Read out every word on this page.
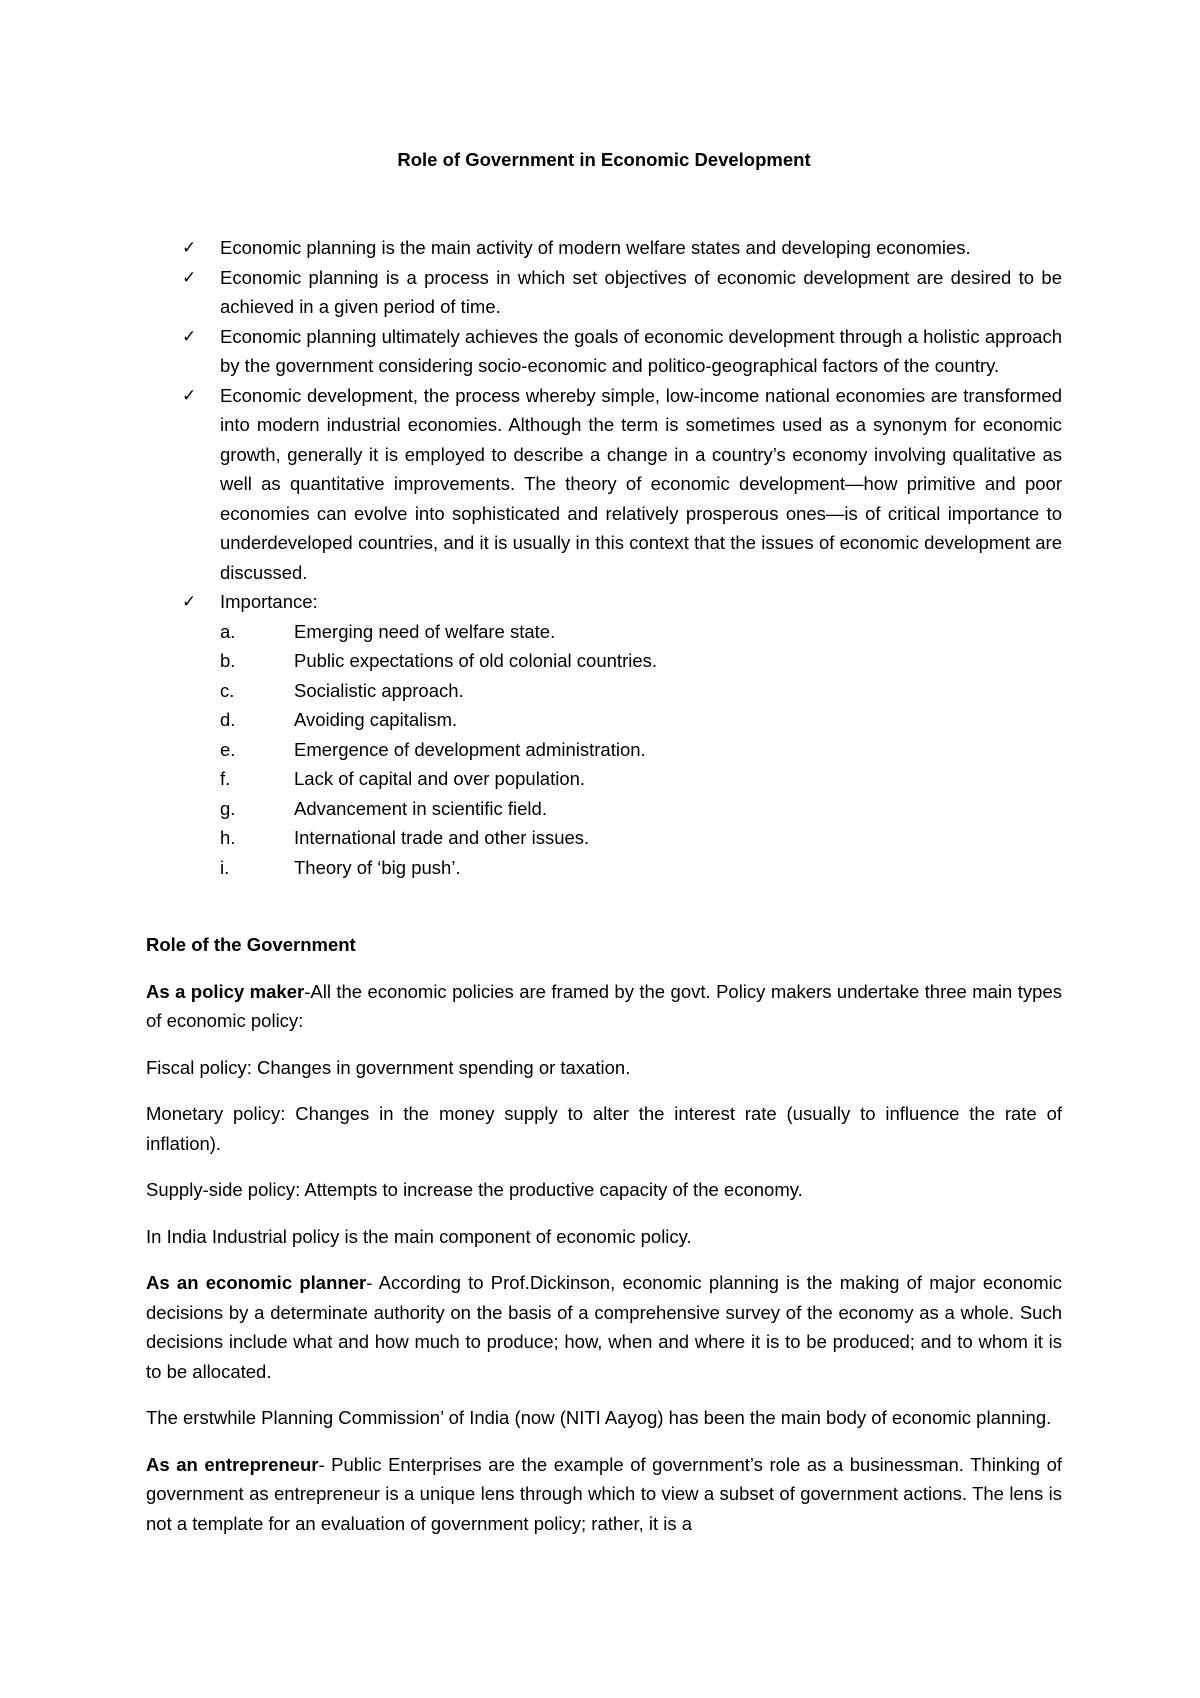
Role of Government in Economic Development
✓ Economic planning is the main activity of modern welfare states and developing economies.
✓ Economic planning is a process in which set objectives of economic development are desired to be achieved in a given period of time.
✓ Economic planning ultimately achieves the goals of economic development through a holistic approach by the government considering socio-economic and politico-geographical factors of the country.
✓ Economic development, the process whereby simple, low-income national economies are transformed into modern industrial economies. Although the term is sometimes used as a synonym for economic growth, generally it is employed to describe a change in a country’s economy involving qualitative as well as quantitative improvements. The theory of economic development—how primitive and poor economies can evolve into sophisticated and relatively prosperous ones—is of critical importance to underdeveloped countries, and it is usually in this context that the issues of economic development are discussed.
✓ Importance:
a.	Emerging need of welfare state.
b.	Public expectations of old colonial countries.
c.	Socialistic approach.
d.	Avoiding capitalism.
e.	Emergence of development administration.
f.	Lack of capital and over population.
g.	Advancement in scientific field.
h.	International trade and other issues.
i.	Theory of ‘big push’.
Role of the Government

As a policy maker-All the economic policies are framed by the govt. Policy makers undertake three main types of economic policy:

Fiscal policy: Changes in government spending or taxation.

Monetary policy: Changes in the money supply to alter the interest rate (usually to influence the rate of inflation).

Supply-side policy: Attempts to increase the productive capacity of the economy.

In India Industrial policy is the main component of economic policy.

As an economic planner- According to Prof.Dickinson, economic planning is the making of major economic decisions by a determinate authority on the basis of a comprehensive survey of the economy as a whole. Such decisions include what and how much to produce; how, when and where it is to be produced; and to whom it is to be allocated.

The erstwhile Planning Commission’ of India (now (NITI Aayog) has been the main body of economic planning.

As an entrepreneur- Public Enterprises are the example of government’s role as a businessman. Thinking of government as entrepreneur is a unique lens through which to view a subset of government actions. The lens is not a template for an evaluation of government policy; rather, it is a
